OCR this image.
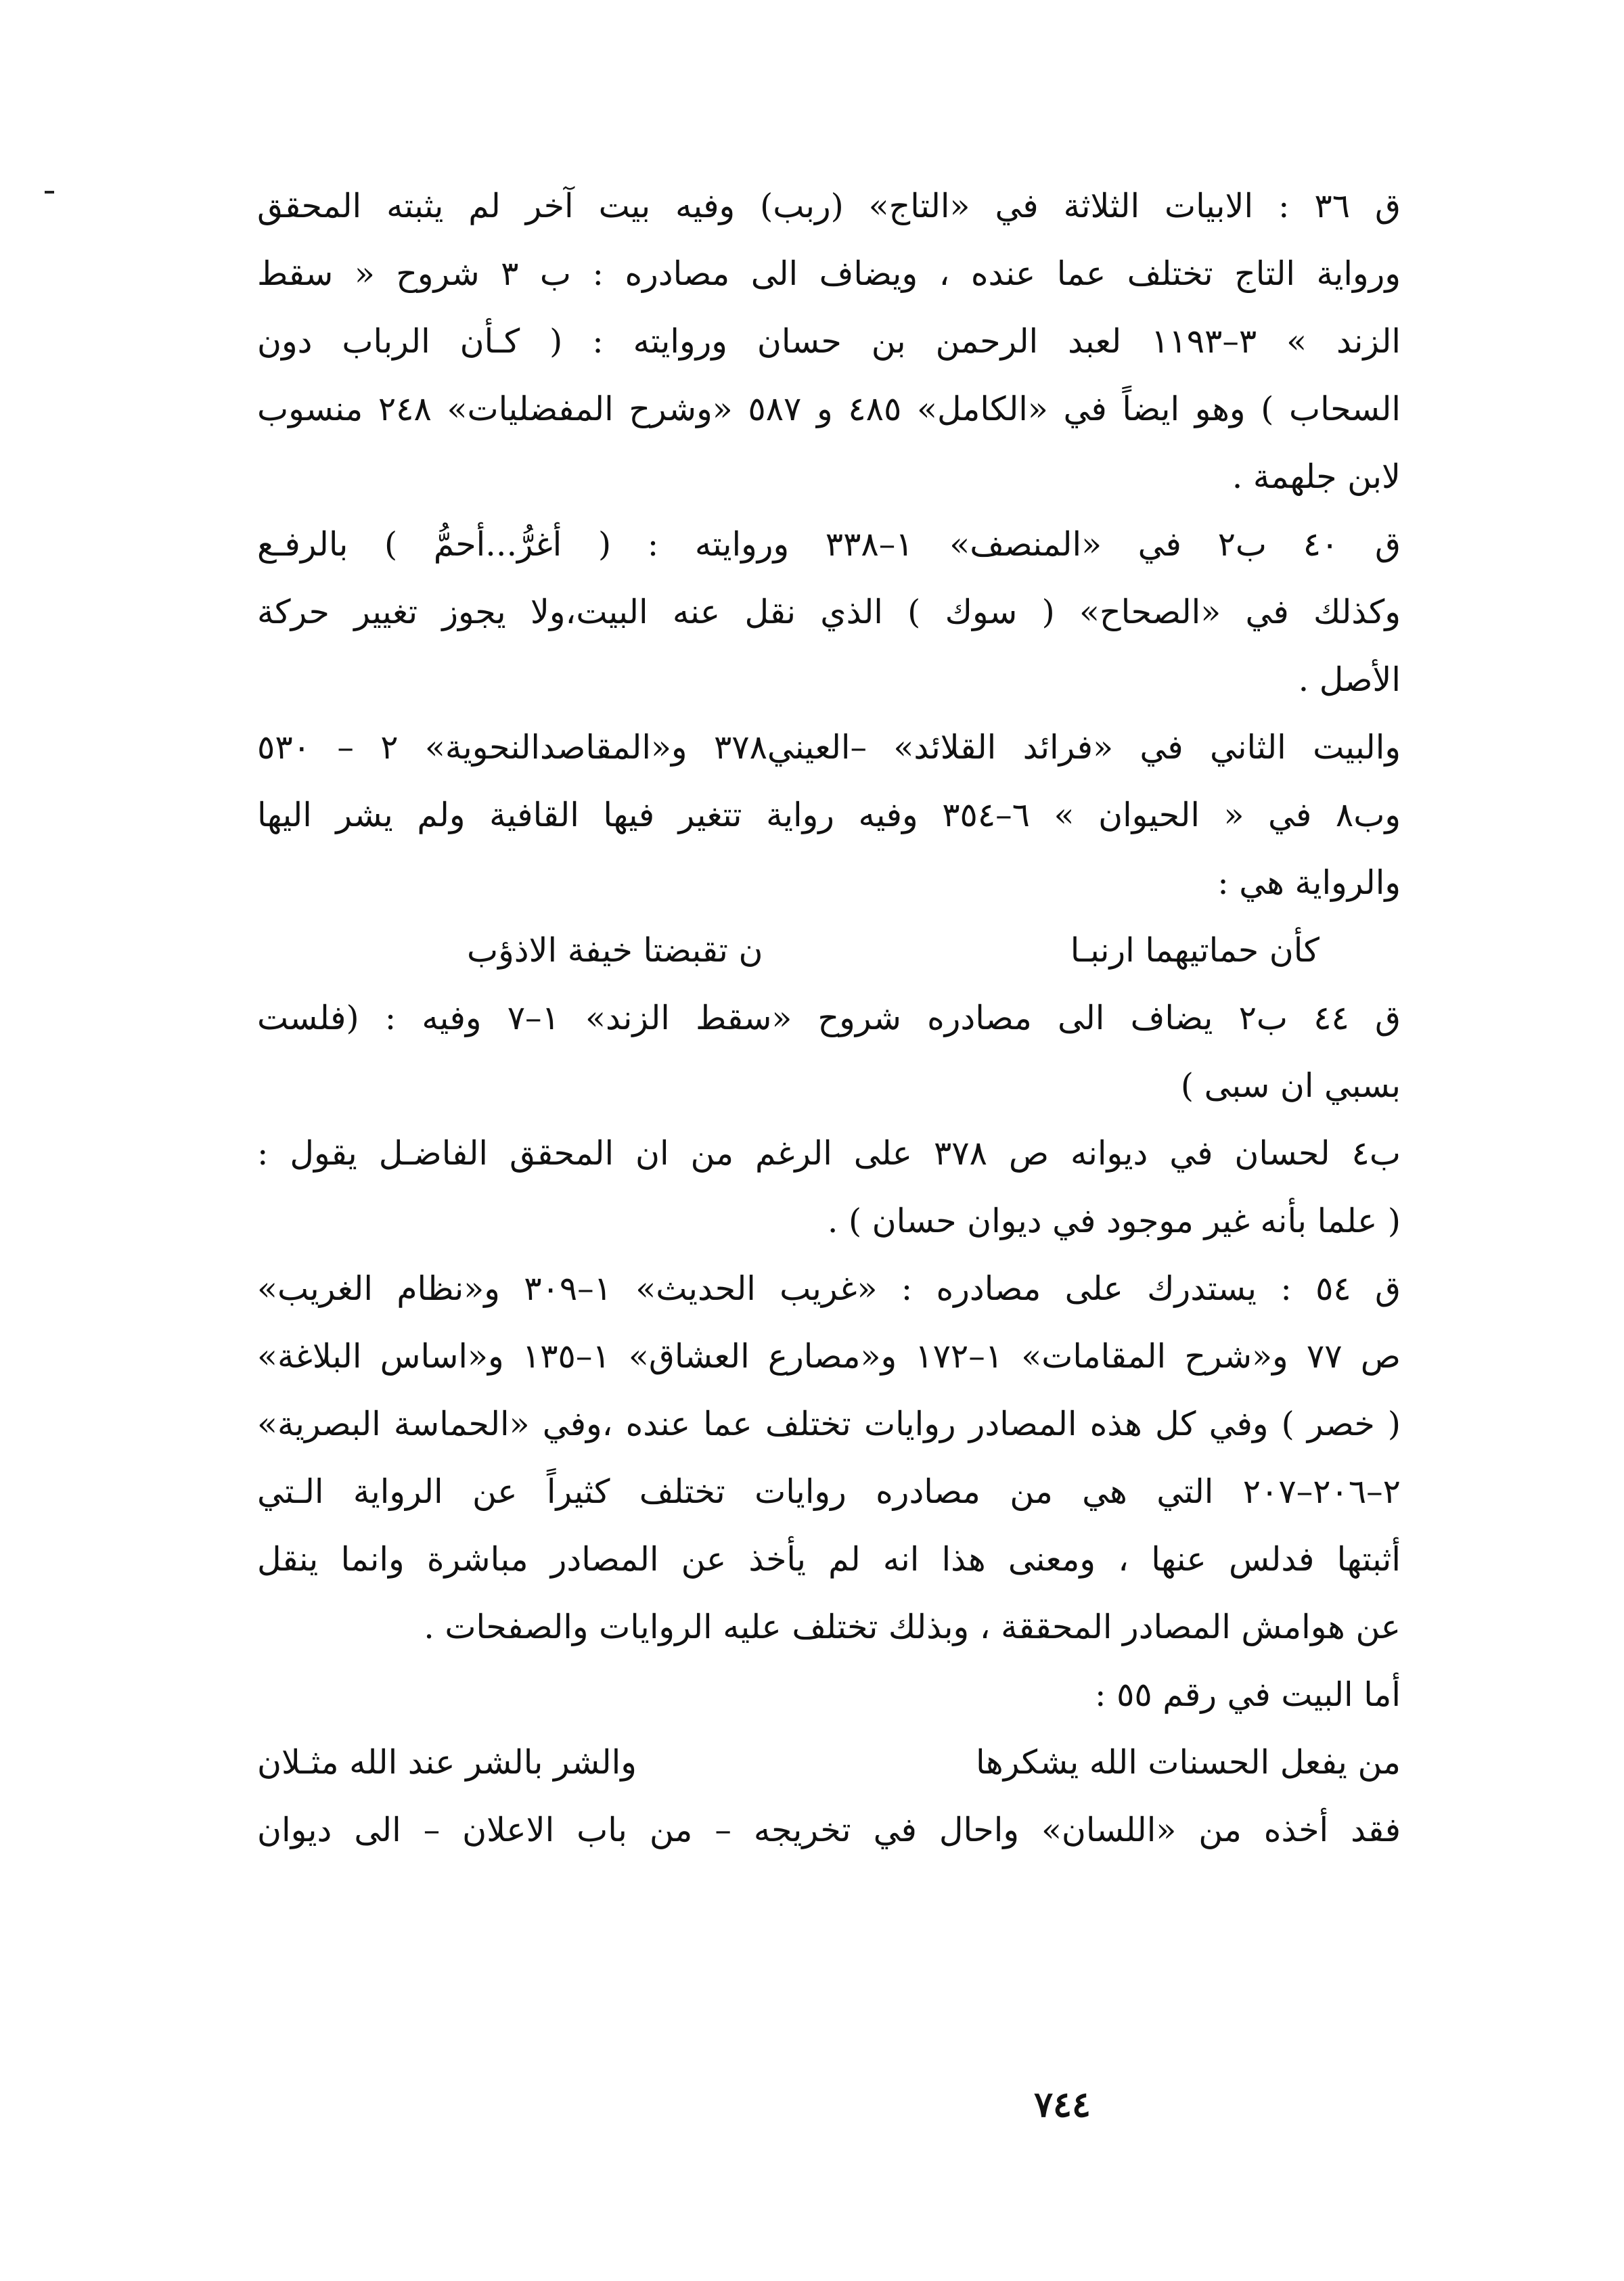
ق ٣٦ : الابيات الثلاثة في «التاج» (ربب) وفيه بيت آخر لم يثبته المحقق
ورواية التاج تختلف عما عنده ، ويضاف الى مصادره : ب ٣ شروح « سقط
الزند » ٣–١١٩٣ لعبد الرحمن بن حسان وروايته : ( كـأن الرباب دون
السحاب ) وهو ايضاً في «الكامل» ٤٨٥ و ٥٨٧ «وشرح المفضليات» ٢٤٨ منسوب
لابن جلهمة .
ق ٤٠ ب٢ في «المنصف» ١–٣٣٨ وروايته : ( أغرُّ...أحمُّ ) بالرفـع
وكذلك في «الصحاح» ( سوك ) الذي نقل عنه البيت،ولا يجوز تغيير حركة
الأصل .
والبيت الثاني في «فرائد القلائد» –العيني٣٧٨ و«المقاصدالنحوية» ٢ – ٥٣٠
وب٨ في « الحيوان » ٦–٣٥٤ وفيه رواية تتغير فيها القافية ولم يشر اليها
والرواية هي :
كأن حماتيهما ارنبـا
ن تقبضتا خيفة الاذؤب
ق ٤٤ ب٢ يضاف الى مصادره شروح «سقط الزند» ١–٧ وفيه : (فلست
بسبي ان سبى )
ب٤ لحسان في ديوانه ص ٣٧٨ على الرغم من ان المحقق الفاضـل يقول :
( علما بأنه غير موجود في ديوان حسان ) .
ق ٥٤ : يستدرك على مصادره : «غريب الحديث» ١–٣٠٩ و«نظام الغريب»
ص ٧٧ و«شرح المقامات» ١–١٧٢ و«مصارع العشاق» ١–١٣٥ و«اساس البلاغة»
( خصر ) وفي كل هذه المصادر روايات تختلف عما عنده ،وفي «الحماسة البصرية»
٢–٢٠٦–٢٠٧ التي هي من مصادره روايات تختلف كثيراً عن الرواية الـتي
أثبتها فدلس عنها ، ومعنى هذا انه لم يأخذ عن المصادر مباشرة وانما ينقل
عن هوامش المصادر المحققة ، وبذلك تختلف عليه الروايات والصفحات .
أما البيت في رقم ٥٥ :
من يفعل الحسنات الله يشكرها
والشر بالشر عند الله مثـلان
فقد أخذه من «اللسان» واحال في تخريجه – من باب الاعلان – الى ديوان
٧٤٤
